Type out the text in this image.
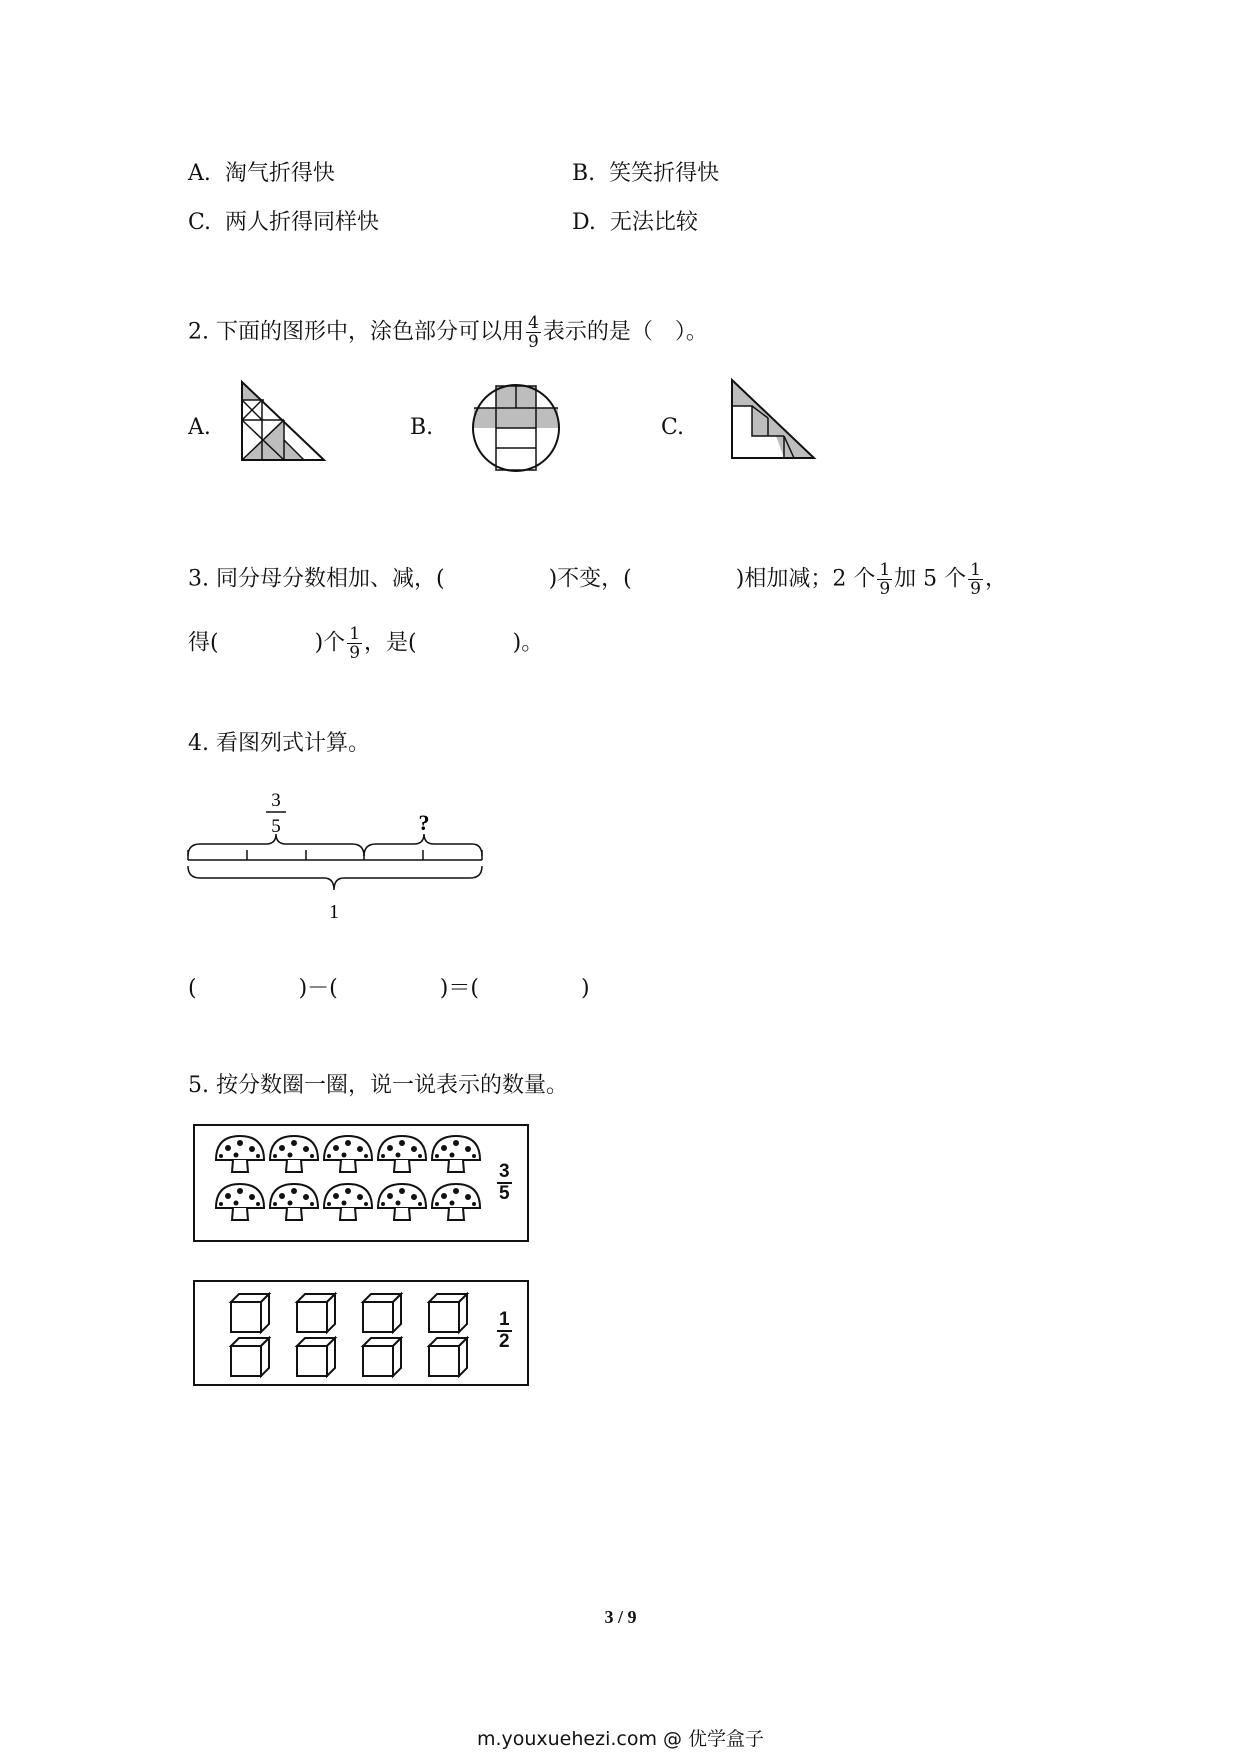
A. 淘气折得快	B. 笑笑折得快
C. 两人折得同样快	D. 无法比较
2. 下面的图形中，涂色部分可以用 $\frac{4}{9}$ 表示的是（　）。
A.	B.	C.
3. 同分母分数相加、减，(	)不变，(	)相加减；2 个 $\frac{1}{9}$ 加 5 个 $\frac{1}{9}$ ，
得(	)个 $\frac{1}{9}$ ，是(	)。
4. 看图列式计算。
3
5	?
1
(	)－(	)＝(	)
5. 按分数圈一圈，说一说表示的数量。
3
5
1
2
3 / 9
m.youxuehezi.com @ 优学盒子
